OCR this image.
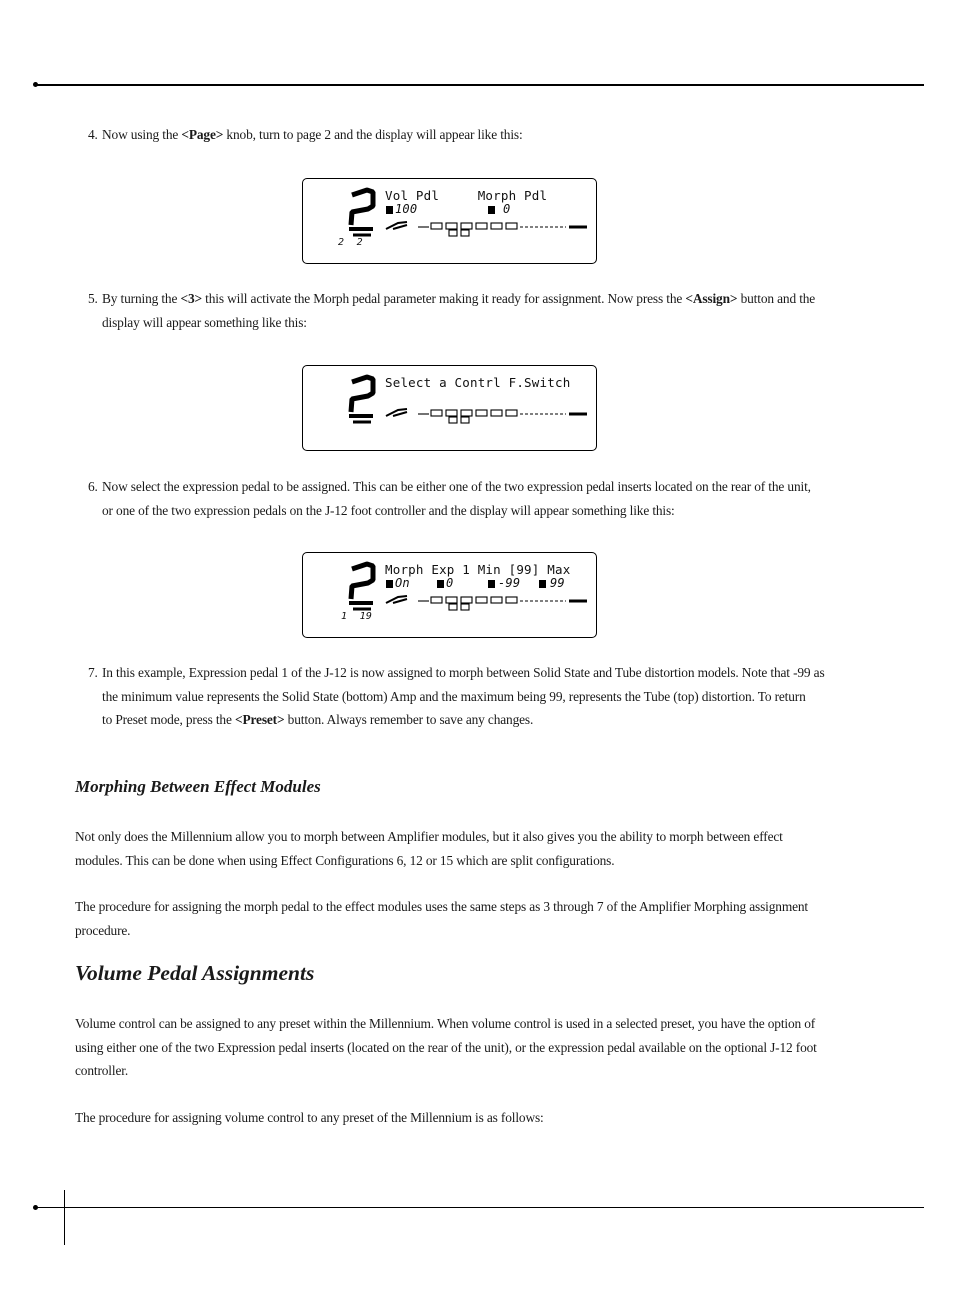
4. Now using the <Page> knob, turn to page 2 and the display will appear like this:
Vol Pdl     Morph Pdl
100	0
2  2
5. By turning the <3> this will activate the Morph pedal parameter making it ready for assignment. Now press the <Assign> button and the
display will appear something like this:
Select a Contrl F.Switch
6. Now select the expression pedal to be assigned. This can be either one of the two expression pedal inserts located on the rear of the unit,
or one of the two expression pedals on the J-12 foot controller and the display will appear something like this:
Morph Exp 1 Min [99] Max
On	0	-99 99
1  19
7. In this example, Expression pedal 1 of the J-12 is now assigned to morph between Solid State and Tube distortion models. Note that -99 as
the minimum value represents the Solid State (bottom) Amp and the maximum being 99, represents the Tube (top) distortion. To return
to Preset mode, press the <Preset> button. Always remember to save any changes.
Morphing Between Effect Modules
Not only does the Millennium allow you to morph between Amplifier modules, but it also gives you the ability to morph between effect
modules. This can be done when using Effect Configurations 6, 12 or 15 which are split configurations.
The procedure for assigning the morph pedal to the effect modules uses the same steps as 3 through 7 of the Amplifier Morphing assignment
procedure.
Volume Pedal Assignments
Volume control can be assigned to any preset within the Millennium. When volume control is used in a selected preset, you have the option of
using either one of the two Expression pedal inserts (located on the rear of the unit), or the expression pedal available on the optional J-12 foot
controller.
The procedure for assigning volume control to any preset of the Millennium is as follows:
